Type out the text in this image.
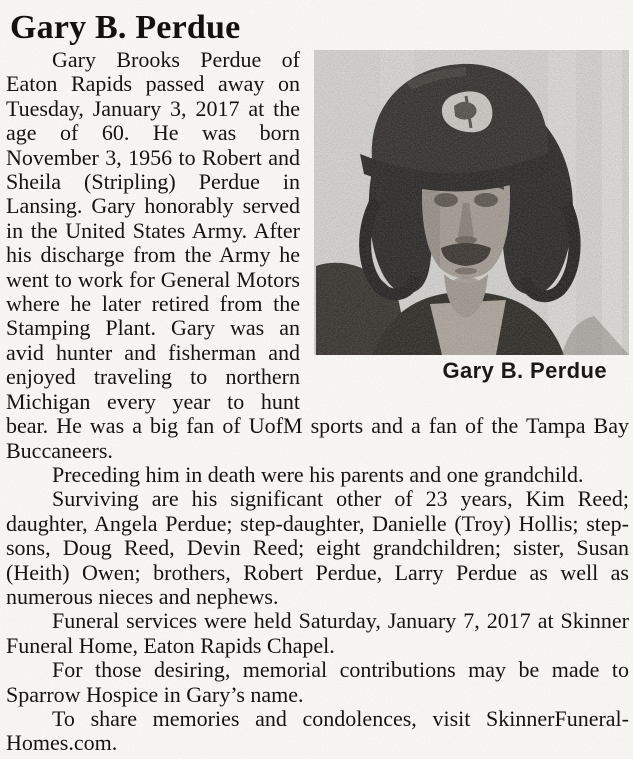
Gary B. Perdue
Gary B. Perdue

Gary Brooks Perdue of Eaton Rapids passed away on Tuesday, January 3, 2017 at the age of 60. He was born November 3, 1956 to Robert and Sheila (Stripling) Perdue in Lansing. Gary honorably served in the United States Army. After his discharge from the Army he went to work for General Motors where he later retired from the Stamping Plant. Gary was an avid hunter and fisherman and enjoyed traveling to northern Michigan every year to hunt bear. He was a big fan of UofM sports and a fan of the Tampa Bay Buccaneers.

Preceding him in death were his parents and one grandchild.

Surviving are his significant other of 23 years, Kim Reed; daughter, Angela Perdue; step-daughter, Danielle (Troy) Hollis; step-sons, Doug Reed, Devin Reed; eight grandchildren; sister, Susan (Heith) Owen; brothers, Robert Perdue, Larry Perdue as well as numerous nieces and nephews.

Funeral services were held Saturday, January 7, 2017 at Skinner Funeral Home, Eaton Rapids Chapel.

For those desiring, memorial contributions may be made to Sparrow Hospice in Gary’s name.

To share memories and condolences, visit SkinnerFuneral-Homes.com.
